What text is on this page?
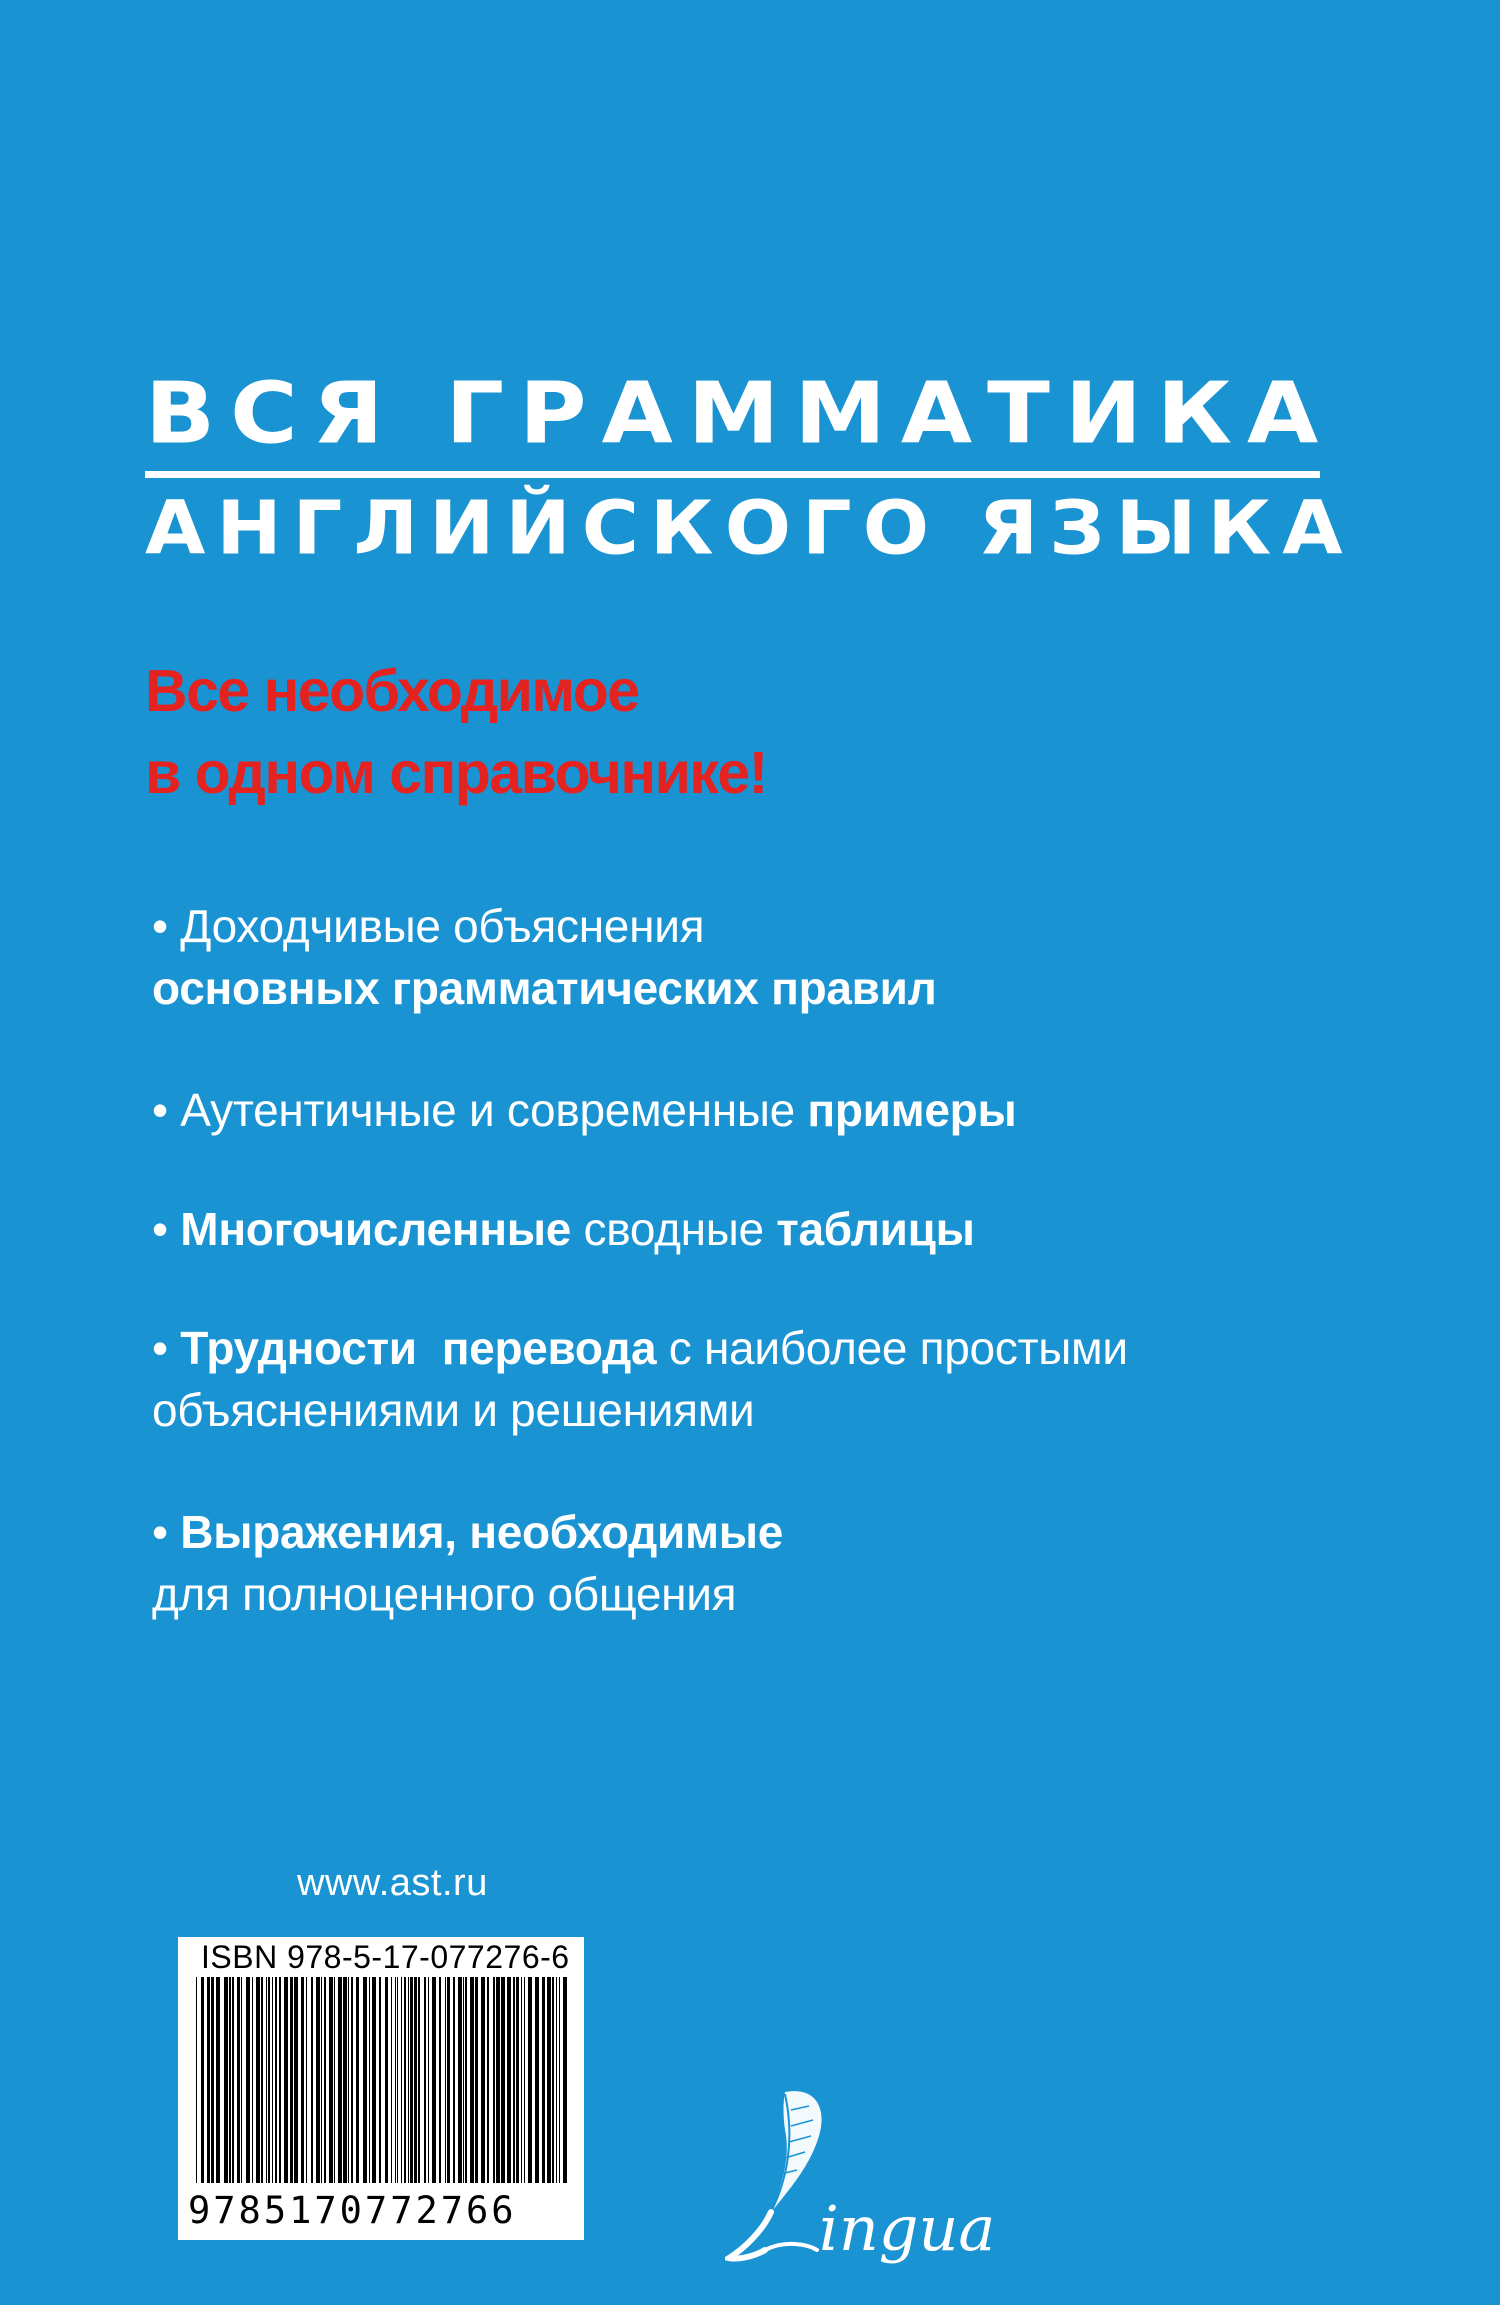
ВСЯ ГРАММАТИКА
АНГЛИЙСКОГО ЯЗЫКА
Все необходимое
в одном справочнике!
• Доходчивые объяснения
основных грамматических правил
• Аутентичные и современные примеры
• Многочисленные сводные таблицы
• Трудности  перевода с наиболее простыми
объяснениями и решениями
• Выражения, необходимые
для полноценного общения
www.ast.ru
ISBN 978-5-17-077276-6
9785170772766	ingua
